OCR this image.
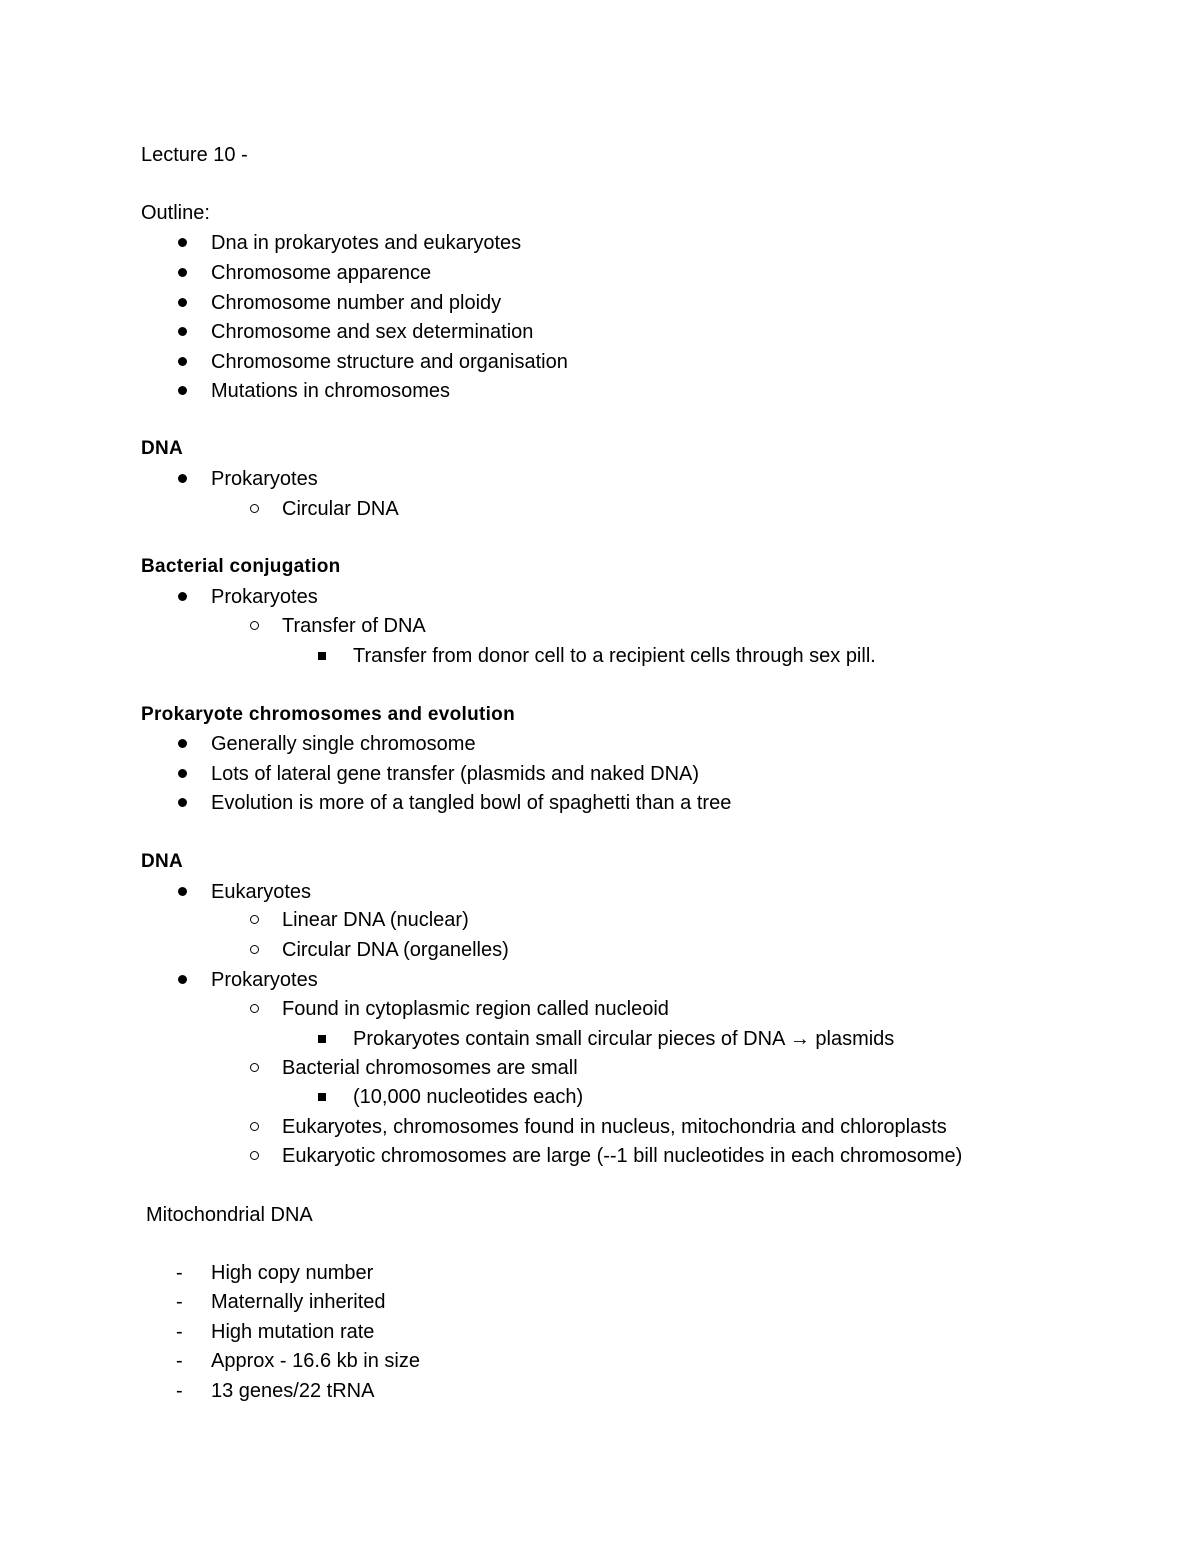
Lecture 10 -
Outline:
Dna in prokaryotes and eukaryotes
Chromosome apparence
Chromosome number and ploidy
Chromosome and sex determination
Chromosome structure and organisation
Mutations in chromosomes
DNA
Prokaryotes
Circular DNA
Bacterial conjugation
Prokaryotes
Transfer of DNA
Transfer from donor cell to a recipient cells through sex pill.
Prokaryote chromosomes and evolution
Generally single chromosome
Lots of lateral gene transfer (plasmids and naked DNA)
Evolution is more of a tangled bowl of spaghetti than a tree
DNA
Eukaryotes
Linear DNA (nuclear)
Circular DNA (organelles)
Prokaryotes
Found in cytoplasmic region called nucleoid
Prokaryotes contain small circular pieces of DNA → plasmids
Bacterial chromosomes are small
(10,000 nucleotides each)
Eukaryotes, chromosomes found in nucleus, mitochondria and chloroplasts
Eukaryotic chromosomes are large (--1 bill nucleotides in each chromosome)
Mitochondrial DNA
- High copy number
- Maternally inherited
- High mutation rate
- Approx - 16.6 kb in size
- 13 genes/22 tRNA
